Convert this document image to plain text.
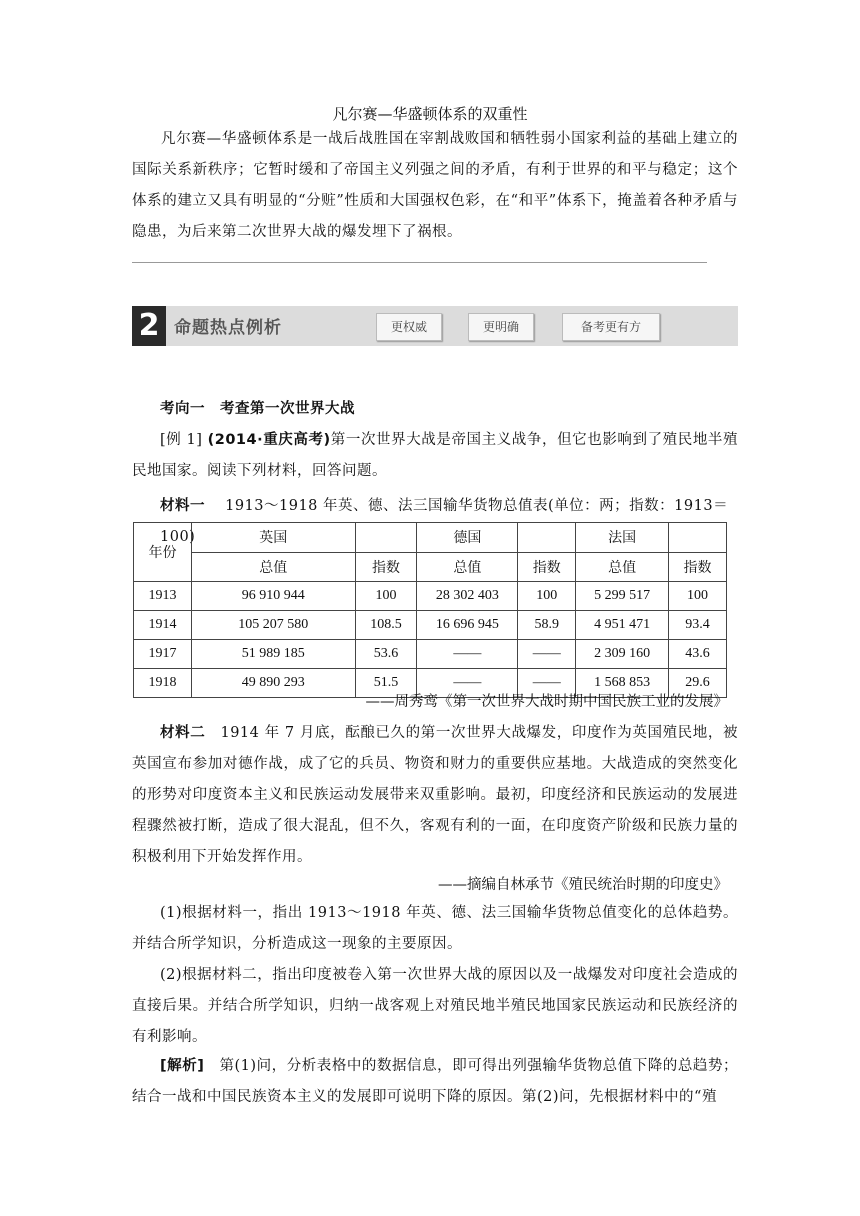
凡尔赛—华盛顿体系的双重性
凡尔赛—华盛顿体系是一战后战胜国在宰割战败国和牺牲弱小国家利益的基础上建立的国际关系新秩序；它暂时缓和了帝国主义列强之间的矛盾，有利于世界的和平与稳定；这个体系的建立又具有明显的“分赃”性质和大国强权色彩，在“和平”体系下，掩盖着各种矛盾与隐患，为后来第二次世界大战的爆发埋下了祸根。
2 命题热点例析	更权威	更明确	备考更有方
考向一　考查第一次世界大战
[例 1] (2014·重庆高考)第一次世界大战是帝国主义战争，但它也影响到了殖民地半殖民地国家。阅读下列材料，回答问题。
材料一　 1913～1918 年英、德、法三国输华货物总值表(单位：两；指数：1913＝100)
年份	英国		德国		法国	
	总值	指数	总值	指数	总值	指数
1913	96 910 944	100	28 302 403	100	5 299 517	100
1914	105 207 580	108.5	16 696 945	58.9	4 951 471	93.4
1917	51 989 185	53.6	——	——	2 309 160	43.6
1918	49 890 293	51.5	——	——	1 568 853	29.6
——周秀鸾《第一次世界大战时期中国民族工业的发展》
材料二　 1914 年 7 月底，酝酿已久的第一次世界大战爆发，印度作为英国殖民地，被英国宣布参加对德作战，成了它的兵员、物资和财力的重要供应基地。大战造成的突然变化的形势对印度资本主义和民族运动发展带来双重影响。最初，印度经济和民族运动的发展进程骤然被打断，造成了很大混乱，但不久，客观有利的一面，在印度资产阶级和民族力量的积极利用下开始发挥作用。
——摘编自林承节《殖民统治时期的印度史》
(1)根据材料一，指出 1913～1918 年英、德、法三国输华货物总值变化的总体趋势。并结合所学知识，分析造成这一现象的主要原因。
(2)根据材料二，指出印度被卷入第一次世界大战的原因以及一战爆发对印度社会造成的直接后果。并结合所学知识，归纳一战客观上对殖民地半殖民地国家民族运动和民族经济的有利影响。
[解析]　 第(1)问，分析表格中的数据信息，即可得出列强输华货物总值下降的总趋势；结合一战和中国民族资本主义的发展即可说明下降的原因。第(2)问，先根据材料中的“殖
